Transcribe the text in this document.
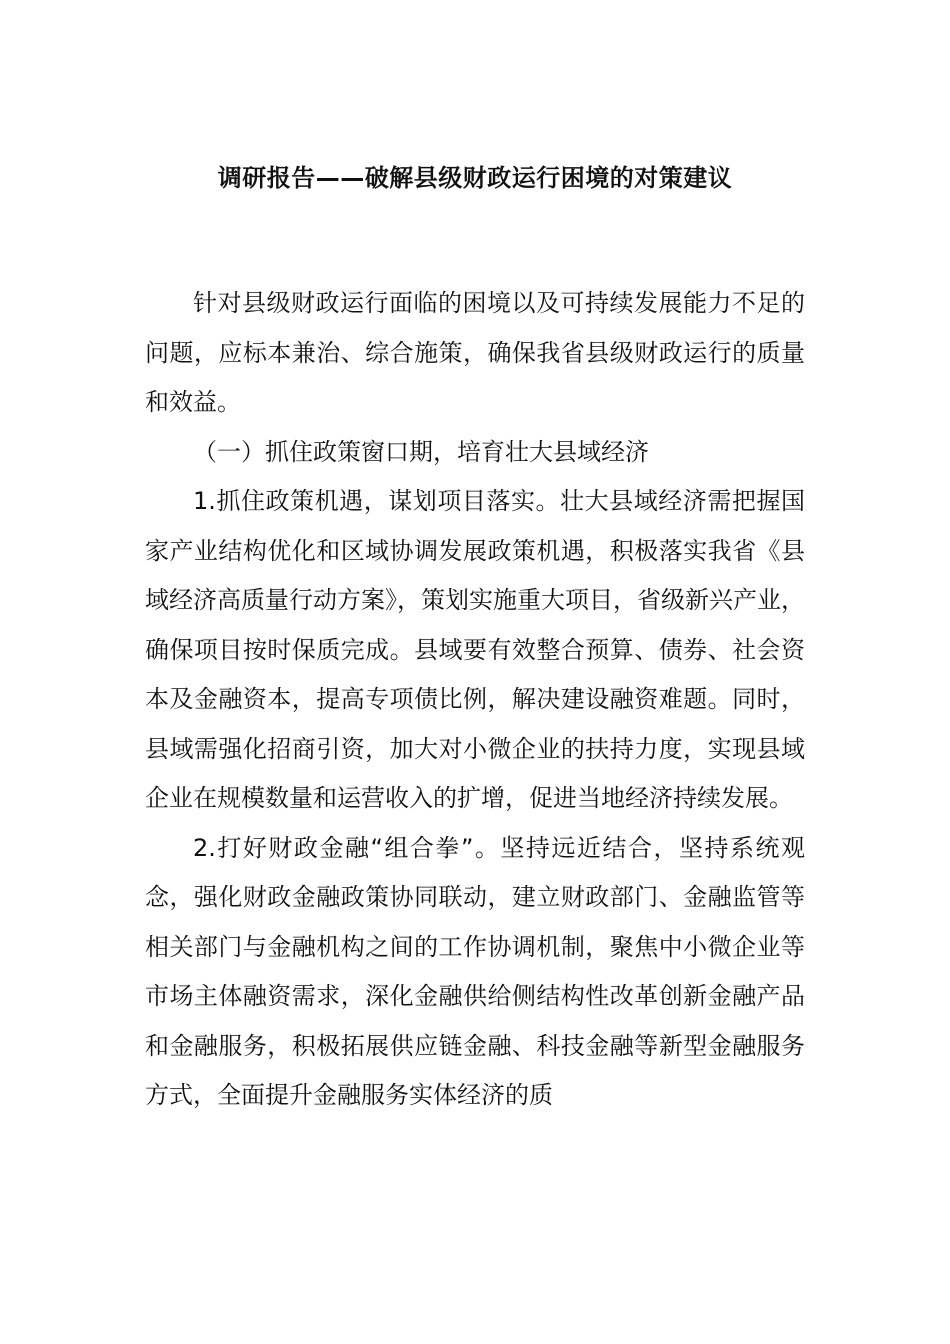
调研报告——破解县级财政运行困境的对策建议

针对县级财政运行面临的困境以及可持续发展能力不足的问题，应标本兼治、综合施策，确保我省县级财政运行的质量和效益。

（一）抓住政策窗口期，培育壮大县域经济

1.抓住政策机遇，谋划项目落实。壮大县域经济需把握国家产业结构优化和区域协调发展政策机遇，积极落实我省《县域经济高质量行动方案》，策划实施重大项目，省级新兴产业，确保项目按时保质完成。县域要有效整合预算、债券、社会资本及金融资本，提高专项债比例，解决建设融资难题。同时，县域需强化招商引资，加大对小微企业的扶持力度，实现县域企业在规模数量和运营收入的扩增，促进当地经济持续发展。

2.打好财政金融“组合拳”。坚持远近结合，坚持系统观念，强化财政金融政策协同联动，建立财政部门、金融监管等相关部门与金融机构之间的工作协调机制，聚焦中小微企业等市场主体融资需求，深化金融供给侧结构性改革创新金融产品和金融服务，积极拓展供应链金融、科技金融等新型金融服务方式，全面提升金融服务实体经济的质
